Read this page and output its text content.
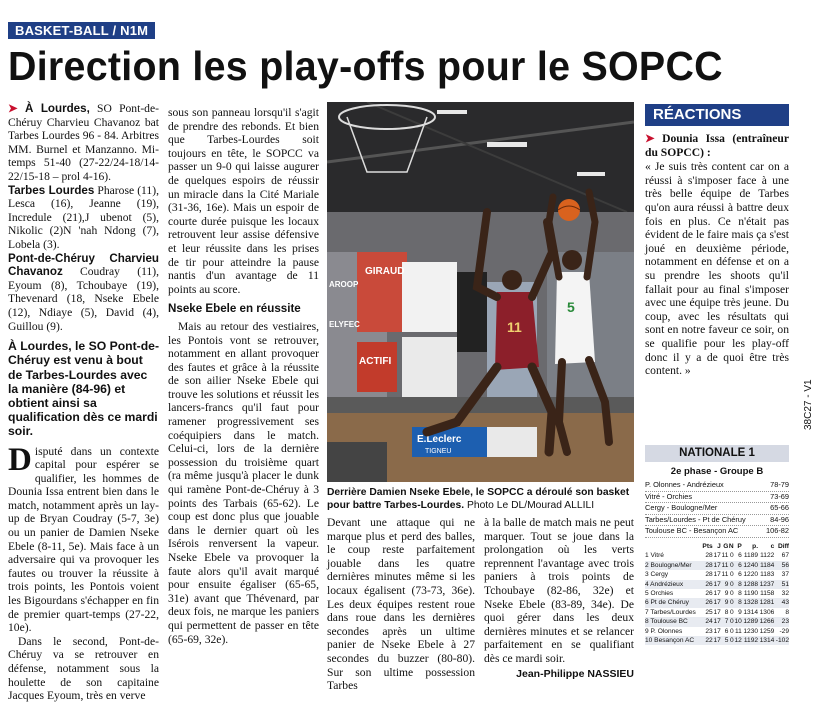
BASKET-BALL / N1M
Direction les play-offs pour le SOPCC

➤ À Lourdes, SO Pont-de-Chéruy Charvieu Chavanoz bat Tarbes Lourdes 96 - 84. Arbitres MM. Burnel et Manzanno. Mi-temps 51-40 (27-22/24-18/14-22/15-18 – prol 4-16).

Tarbes Lourdes Pharose (11), Lesca (16), Jeanne (19), Incredule (21),J ubenot (5), Nikolic (2)N 'nah Ndong (7), Lobela (3).

Pont-de-Chéruy Charvieu Chavanoz Coudray (11), Eyoum (8), Tchoubaye (19), Thevenard (18, Nseke Ebele (12), Ndiaye (5), David (4), Guillou (9).

À Lourdes, le SO Pont-de-Chéruy est venu à bout de Tarbes-Lourdes avec la manière (84-96) et obtient ainsi sa qualification dès ce mardi soir.

Disputé dans un contexte capital pour espérer se qualifier, les hommes de Dounia Issa entrent bien dans le match, notamment après un lay-up de Bryan Coudray (5-7, 3e) ou un panier de Damien Nseke Ebele (8-11, 5e). Mais face à un adversaire qui va provoquer les fautes ou trouver la réussite à trois points, les Pontois voient les Bigourdans s'échapper en fin de premier quart-temps (27-22, 10e).

Dans le second, Pont-de-Chéruy va se retrouver en défense, notamment sous la houlette de son capitaine Jacques Eyoum, très en verve

sous son panneau lorsqu'il s'agit de prendre des rebonds. Et bien que Tarbes-Lourdes soit toujours en tête, le SOPCC va passer un 9-0 qui laisse augurer de quelques espoirs de réussir un miracle dans la Cité Mariale (31-36, 16e). Mais un espoir de courte durée puisque les locaux retrouvent leur assise défensive et leur réussite dans les prises de tir pour atteindre la pause nantis d'un avantage de 11 points au score.

Nseke Ebele en réussite

Mais au retour des vestiaires, les Pontois vont se retrouver, notamment en allant provoquer des fautes et grâce à la réussite de son ailier Nseke Ebele qui trouve les solutions et réussit les lancers-francs qu'il faut pour ramener progressivement ses coéquipiers dans le match. Celui-ci, lors de la dernière possession du troisième quart (ra même jusqu'à placer le dunk qui ramène Pont-de-Chéruy à 3 points des Tarbais (65-62). Le coup est donc plus que jouable dans le dernier quart où les Isérois renversent la vapeur. Nseke Ebele va provoquer la faute alors qu'il avait marqué pour ensuite égaliser (65-65, 31e) avant que Thévenard, par deux fois, ne marque les paniers qui permettent de passer en tête (65-69, 32e).

GIRAUD
ACTIFI
AROOP
ELYFEC
E.Leclerc
TIGNEU
11
5
Derrière Damien Nseke Ebele, le SOPCC a déroulé son basket pour battre Tarbes-Lourdes. Photo Le DL/Mourad ALLILI

Devant une attaque qui ne marque plus et perd des balles, le coup reste parfaitement jouable dans les quatre dernières minutes même si les locaux égalisent (73-73, 36e). Les deux équipes restent roue dans roue dans les dernières secondes après un ultime panier de Nseke Ebele à 27 secondes du buzzer (80-80). Sur son ultime possession Tarbes

à la balle de match mais ne peut marquer. Tout se joue dans la prolongation où les verts reprennent l'avantage avec trois paniers à trois points de Tchoubaye (82-86, 32e) et Nseke Ebele (83-89, 34e). De quoi gérer dans les deux dernières minutes et se relancer parfaitement en se qualifiant dès ce mardi soir.

Jean-Philippe NASSIEU
RÉACTIONS

➤ Dounia Issa (entraîneur du SOPCC) :

« Je suis très content car on a réussi à s'imposer face à une très belle équipe de Tarbes qu'on aura réussi à battre deux fois en plus. Ce n'était pas évident de le faire mais ça s'est joué en deuxième période, notamment en défense et on a su prendre les shoots qu'il fallait pour au final s'imposer avec une équipe très jeune. Du coup, avec les résultats qui sont en notre faveur ce soir, on se qualifie pour les play-off donc il y a de quoi être très content. »

38C27 - V1
NATIONALE 1
2e phase - Groupe B
P. Olonnes - Andrézieux	78-79
Vitré - Orchies	73-69
Cergy - Boulogne/Mer	65-66
Tarbes/Lourdes - Pt de Chéruy	84-96
Toulouse BC - Besançon AC	106-82
	Pts	J	G	N	P	p.	c	Diff
1 Vitré	28	17	11	0	6	1189	1122	67
2 Boulogne/Mer	28	17	11	0	6	1240	1184	56
3 Cergy	28	17	11	0	6	1220	1183	37
4 Andrézieux	26	17	9	0	8	1288	1237	51
5 Orchies	26	17	9	0	8	1190	1158	32
6 Pt de Chéruy	26	17	9	0	8	1328	1281	43
7 Tarbes/Lourdes	25	17	8	0	9	1314	1306	8
8 Toulouse BC	24	17	7	0	10	1289	1266	23
9 P. Olonnes	23	17	6	0	11	1230	1259	-29
10 Besançon AC	22	17	5	0	12	1192	1314	-102
